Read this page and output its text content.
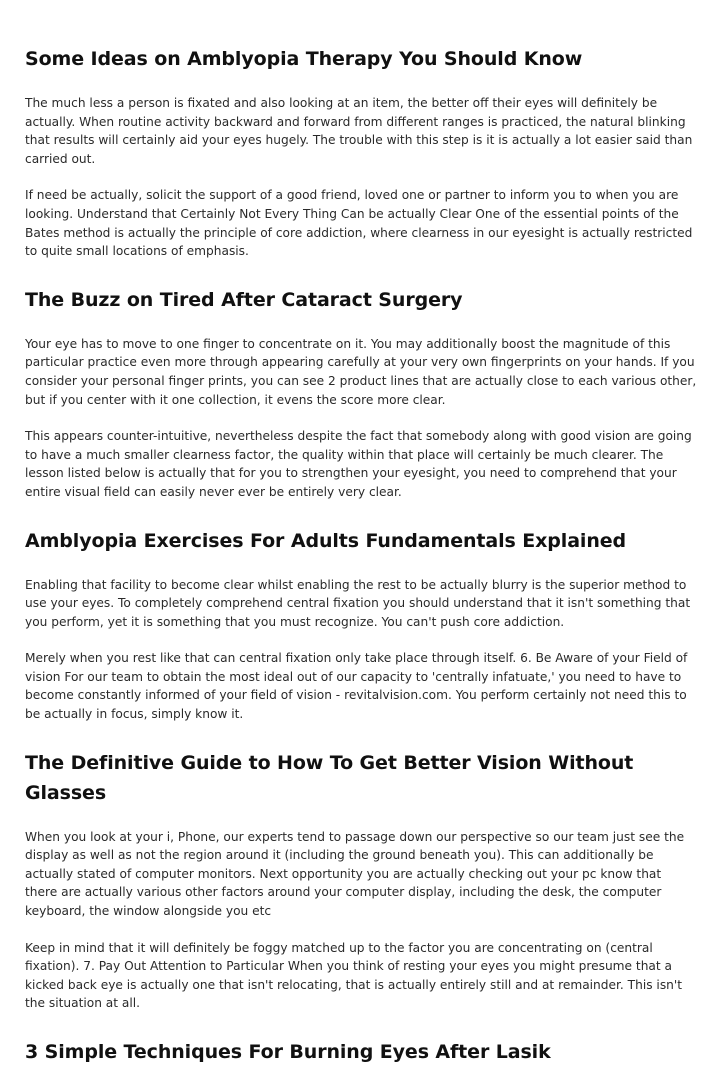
Some Ideas on Amblyopia Therapy You Should Know

The much less a person is fixated and also looking at an item, the better off their eyes will definitely be actually. When routine activity backward and forward from different ranges is practiced, the natural blinking that results will certainly aid your eyes hugely. The trouble with this step is it is actually a lot easier said than carried out.

If need be actually, solicit the support of a good friend, loved one or partner to inform you to when you are looking. Understand that Certainly Not Every Thing Can be actually Clear One of the essential points of the Bates method is actually the principle of core addiction, where clearness in our eyesight is actually restricted to quite small locations of emphasis.

The Buzz on Tired After Cataract Surgery

Your eye has to move to one finger to concentrate on it. You may additionally boost the magnitude of this particular practice even more through appearing carefully at your very own fingerprints on your hands. If you consider your personal finger prints, you can see 2 product lines that are actually close to each various other, but if you center with it one collection, it evens the score more clear.

This appears counter-intuitive, nevertheless despite the fact that somebody along with good vision are going to have a much smaller clearness factor, the quality within that place will certainly be much clearer. The lesson listed below is actually that for you to strengthen your eyesight, you need to comprehend that your entire visual field can easily never ever be entirely very clear.

Amblyopia Exercises For Adults Fundamentals Explained

Enabling that facility to become clear whilst enabling the rest to be actually blurry is the superior method to use your eyes. To completely comprehend central fixation you should understand that it isn't something that you perform, yet it is something that you must recognize. You can't push core addiction.

Merely when you rest like that can central fixation only take place through itself. 6. Be Aware of your Field of vision For our team to obtain the most ideal out of our capacity to 'centrally infatuate,' you need to have to become constantly informed of your field of vision - revitalvision.com. You perform certainly not need this to be actually in focus, simply know it.

The Definitive Guide to How To Get Better Vision Without Glasses

When you look at your i, Phone, our experts tend to passage down our perspective so our team just see the display as well as not the region around it (including the ground beneath you). This can additionally be actually stated of computer monitors. Next opportunity you are actually checking out your pc know that there are actually various other factors around your computer display, including the desk, the computer keyboard, the window alongside you etc

Keep in mind that it will definitely be foggy matched up to the factor you are concentrating on (central fixation). 7. Pay Out Attention to Particular When you think of resting your eyes you might presume that a kicked back eye is actually one that isn't relocating, that is actually entirely still and at remainder. This isn't the situation at all.

3 Simple Techniques For Burning Eyes After Lasik
